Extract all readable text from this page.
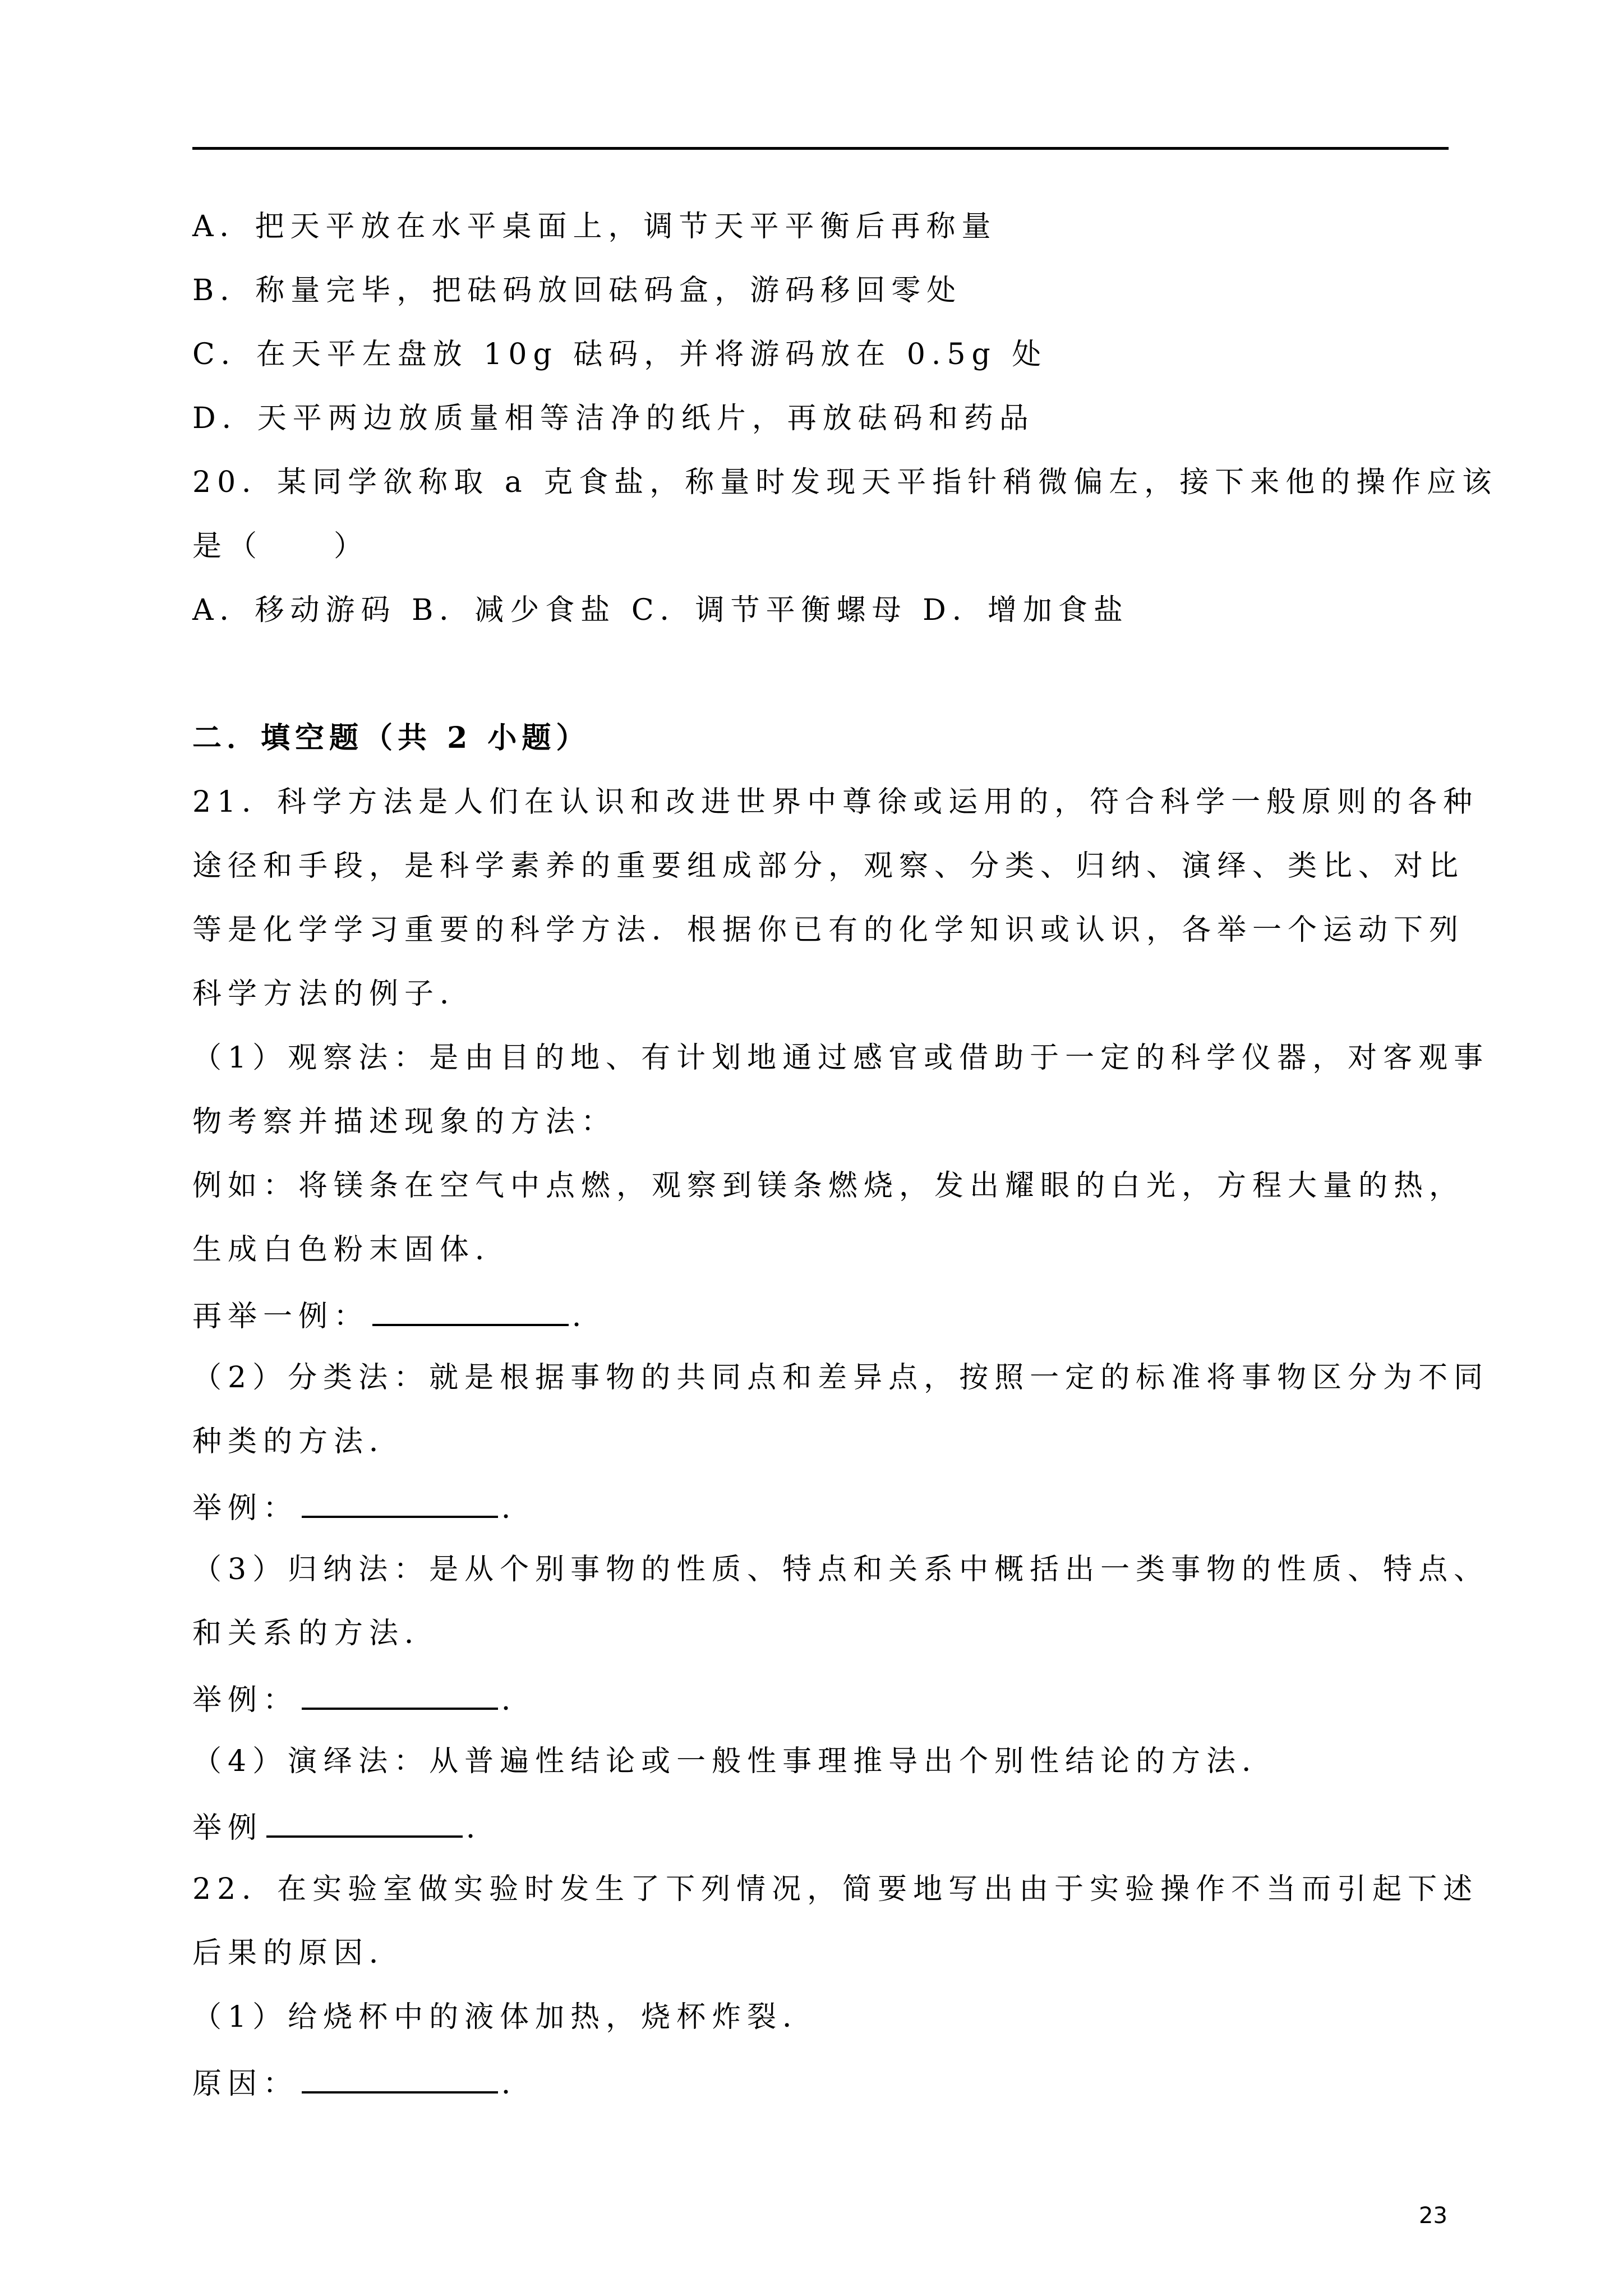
A．把天平放在水平桌面上，调节天平平衡后再称量
B．称量完毕，把砝码放回砝码盒，游码移回零处
C．在天平左盘放 10g 砝码，并将游码放在 0.5g 处
D．天平两边放质量相等洁净的纸片，再放砝码和药品
20．某同学欲称取 a 克食盐，称量时发现天平指针稍微偏左，接下来他的操作应该
是（　　）
A．移动游码 B．减少食盐 C．调节平衡螺母 D．增加食盐
二．填空题（共 2 小题）
21．科学方法是人们在认识和改进世界中尊徐或运用的，符合科学一般原则的各种
途径和手段，是科学素养的重要组成部分，观察、分类、归纳、演绎、类比、对比
等是化学学习重要的科学方法．根据你已有的化学知识或认识，各举一个运动下列
科学方法的例子．
（1）观察法：是由目的地、有计划地通过感官或借助于一定的科学仪器，对客观事
物考察并描述现象的方法：
例如：将镁条在空气中点燃，观察到镁条燃烧，发出耀眼的白光，方程大量的热，
生成白色粉末固体．
再举一例：	．
（2）分类法：就是根据事物的共同点和差异点，按照一定的标准将事物区分为不同
种类的方法．
举例：	．
（3）归纳法：是从个别事物的性质、特点和关系中概括出一类事物的性质、特点、
和关系的方法．
举例：	．
（4）演绎法：从普遍性结论或一般性事理推导出个别性结论的方法．
举例	．
22．在实验室做实验时发生了下列情况，简要地写出由于实验操作不当而引起下述
后果的原因．
（1）给烧杯中的液体加热，烧杯炸裂．
原因：	．
23
